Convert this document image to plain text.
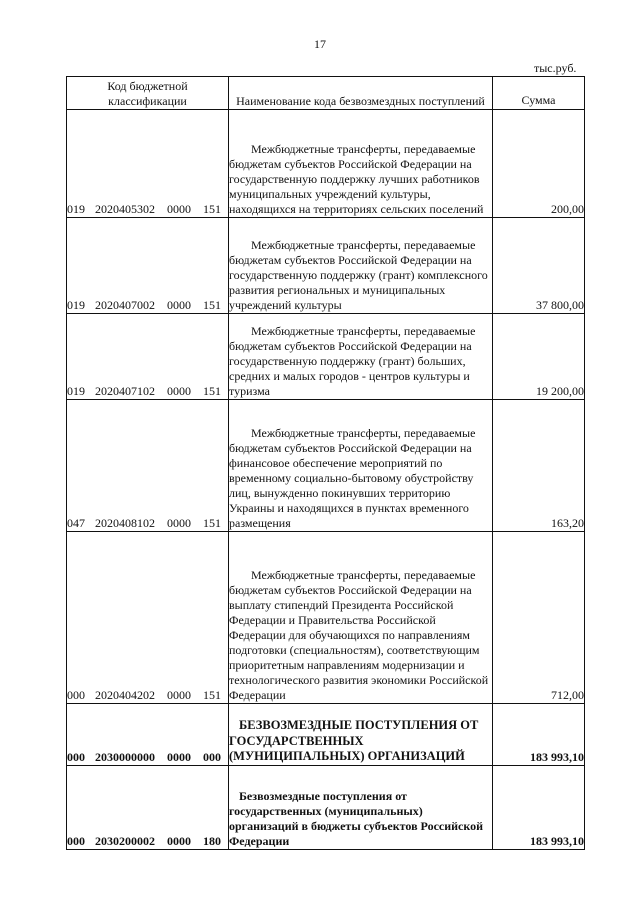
17
тыс.руб.
Код бюджетной классификации	Наименование кода безвозмездных поступлений	Сумма
019 2020405302 0000 151	Межбюджетные трансферты, передаваемые бюджетам субъектов Российской Федерации на государственную поддержку лучших работников муниципальных учреждений культуры, находящихся на территориях сельских поселений	200,00
019 2020407002 0000 151	Межбюджетные трансферты, передаваемые бюджетам субъектов Российской Федерации на государственную поддержку (грант) комплексного развития региональных и муниципальных учреждений культуры	37 800,00
019 2020407102 0000 151	Межбюджетные трансферты, передаваемые бюджетам субъектов Российской Федерации на государственную поддержку (грант) больших, средних и малых городов - центров культуры и туризма	19 200,00
047 2020408102 0000 151	Межбюджетные трансферты, передаваемые бюджетам субъектов Российской Федерации на финансовое обеспечение мероприятий по временному социально-бытовому обустройству лиц, вынужденно покинувших территорию Украины и находящихся в пунктах временного размещения	163,20
000 2020404202 0000 151	Межбюджетные трансферты, передаваемые бюджетам субъектов Российской Федерации на выплату стипендий Президента Российской Федерации и Правительства Российской Федерации для обучающихся по направлениям подготовки (специальностям), соответствующим приоритетным направлениям модернизации и технологического развития экономики Российской Федерации	712,00
000 2030000000 0000 000	БЕЗВОЗМЕЗДНЫЕ ПОСТУПЛЕНИЯ ОТ ГОСУДАРСТВЕННЫХ (МУНИЦИПАЛЬНЫХ) ОРГАНИЗАЦИЙ	183 993,10
000 2030200002 0000 180	Безвозмездные поступления от государственных (муниципальных) организаций в бюджеты субъектов Российской Федерации	183 993,10
